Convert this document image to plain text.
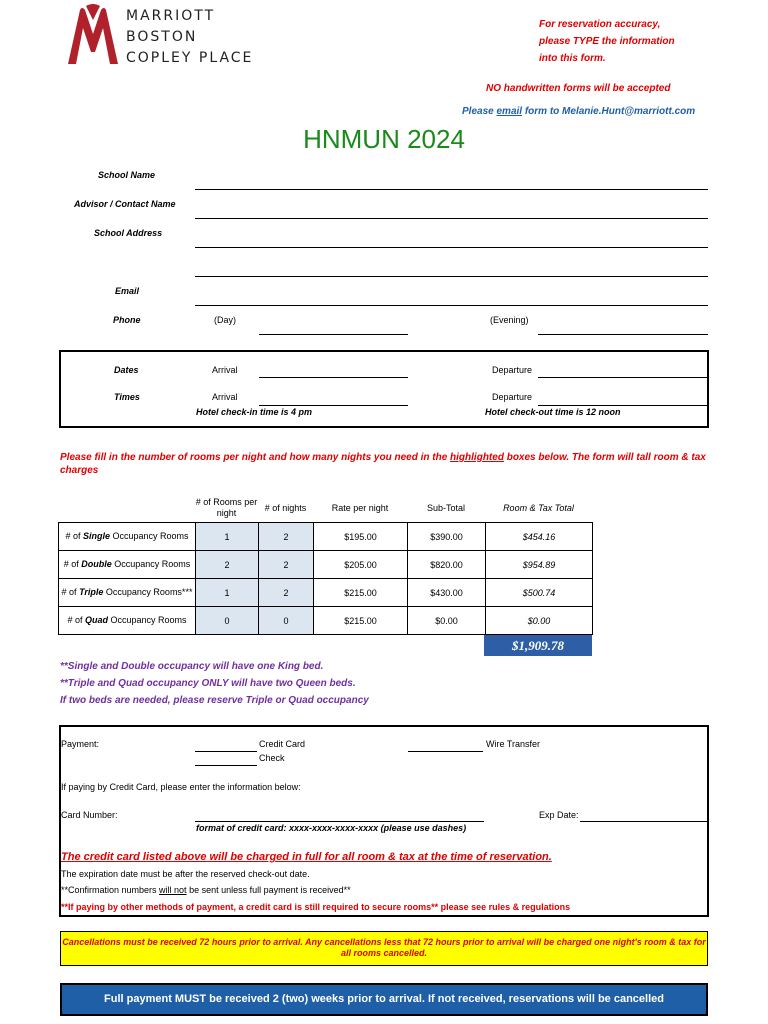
MARRIOTT
BOSTON
COPLEY PLACE
For reservation accuracy,
please TYPE the information
into this form.
NO handwritten forms will be accepted
Please email form to Melanie.Hunt@marriott.com
HNMUN 2024
School Name
Advisor / Contact Name
School Address
Email
Phone	(Day)	(Evening)
Dates	Arrival	Departure
Times	Arrival	Departure
Hotel check-in time is 4 pm	Hotel check-out time is 12 noon
Please fill in the number of rooms per night and how many nights you need in the highlighted boxes below. The form will tall room & tax charges
# of Rooms per night	# of nights	Rate per night	Sub-Total	Room & Tax Total
# of Single Occupancy Rooms	1	2	$195.00	$390.00	$454.16
# of Double Occupancy Rooms	2	2	$205.00	$820.00	$954.89
# of Triple Occupancy Rooms***	1	2	$215.00	$430.00	$500.74
# of Quad Occupancy Rooms	0	0	$215.00	$0.00	$0.00
$1,909.78
**Single and Double occupancy will have one King bed.
**Triple and Quad occupancy ONLY will have two Queen beds.
If two beds are needed, please reserve Triple or Quad occupancy
Payment:	Credit Card
Check
Wire Transfer
If paying by Credit Card, please enter the information below:
Card Number:	Exp Date:
format of credit card: xxxx-xxxx-xxxx-xxxx (please use dashes)
The credit card listed above will be charged in full for all room & tax at the time of reservation.
The expiration date must be after the reserved check-out date.
**Confirmation numbers will not be sent unless full payment is received**
**If paying by other methods of payment, a credit card is still required to secure rooms** please see rules & regulations
Cancellations must be received 72 hours prior to arrival. Any cancellations less that 72 hours prior to arrival will be charged one night's room & tax for all rooms cancelled.
Full payment MUST be received 2 (two) weeks prior to arrival. If not received, reservations will be cancelled
